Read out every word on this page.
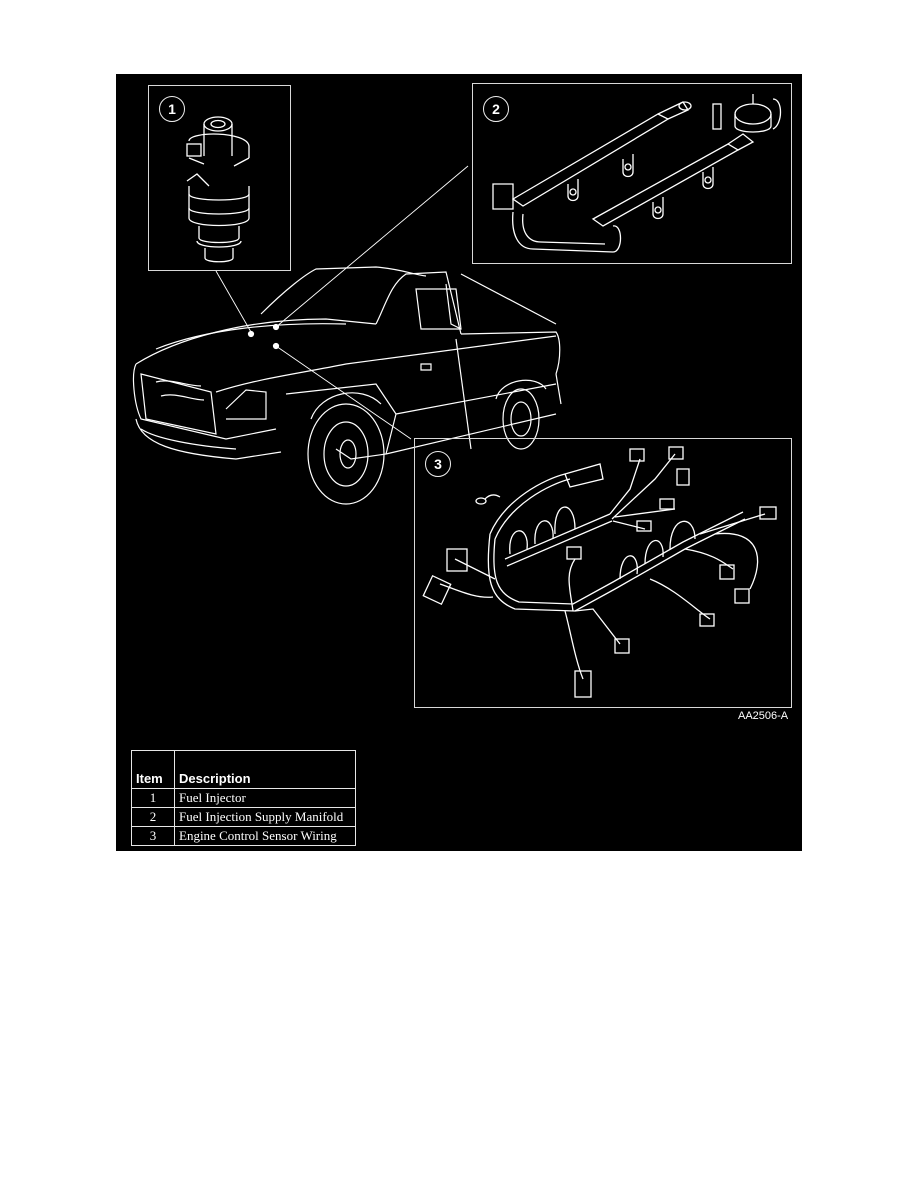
1	2
3
AA2506-A
Item	Description
1	Fuel Injector
2	Fuel Injection Supply Manifold
3	Engine Control Sensor Wiring
